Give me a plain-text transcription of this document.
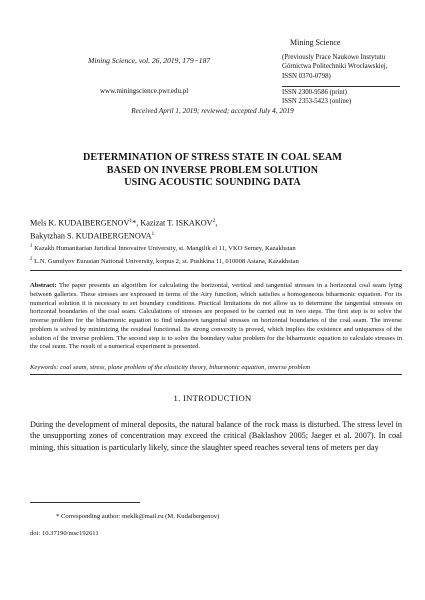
Mining Science, vol. 26, 2019, 179−187
www.miningscience.pwr.edu.pl
Mining Science
(Previously Prace Naukowe Instytutu Górnictwa Politechniki Wrocławskiej, ISSN 0370-0798)
ISSN 2300-9586 (print)
ISSN 2353-5423 (online)
Received April 1, 2019; reviewed; accepted July 4, 2019
DETERMINATION OF STRESS STATE IN COAL SEAM
BASED ON INVERSE PROBLEM SOLUTION
USING ACOUSTIC SOUNDING DATA
Mels K. KUDAIBERGENOV$^1$*, Kazizat T. ISKAKOV$^2$,
Bakytzhan S. KUDAIBERGENOVA$^1$
$^1$ Kazakh Humanitarian Juridical Innovative University, st. Mangilik el 11, VKO Semey, Kazakhstan
$^2$ L.N. Gumilyov Eurasian National University, korpus 2, st. Pushkina 11, 010008 Astana, Kazakhstan
Abstract: The paper presents an algorithm for calculating the horizontal, vertical and tangential stresses in a horizontal coal seam lying between galleries. These stresses are expressed in terms of the Airy function, which satisfies a homogeneous biharmonic equation. For its numerical solution it is necessary to set boundary conditions. Practical limitations do not allow us to determine the tangential stresses on horizontal boundaries of the coal seam. Calculations of stresses are proposed to be carried out in two steps. The first step is to solve the inverse problem for the biharmonic equation to find unknown tangential stresses on horizontal boundaries of the coal seam. The inverse problem is solved by minimizing the residual functional. Its strong convexity is proved, which implies the existence and uniqueness of the solution of the inverse problem. The second step is to solve the boundary value problem for the biharmonic equation to calculate stresses in the coal seam. The result of a numerical experiment is presented.
Keywords: coal seam, stress, plane problem of the elasticity theory, biharmonic equation, inverse problem
1. INTRODUCTION
During the development of mineral deposits, the natural balance of the rock mass is disturbed. The stress level in the unsupporting zones of concentration may exceed the critical (Baklashov 2005; Jaeger et al. 2007). In coal mining, this situation is particularly likely, since the slaughter speed reaches several tens of meters per day
* Corresponding author: meklk@mail.ru (M. Kudaibergenov)
doi: 10.37190/msc192611
